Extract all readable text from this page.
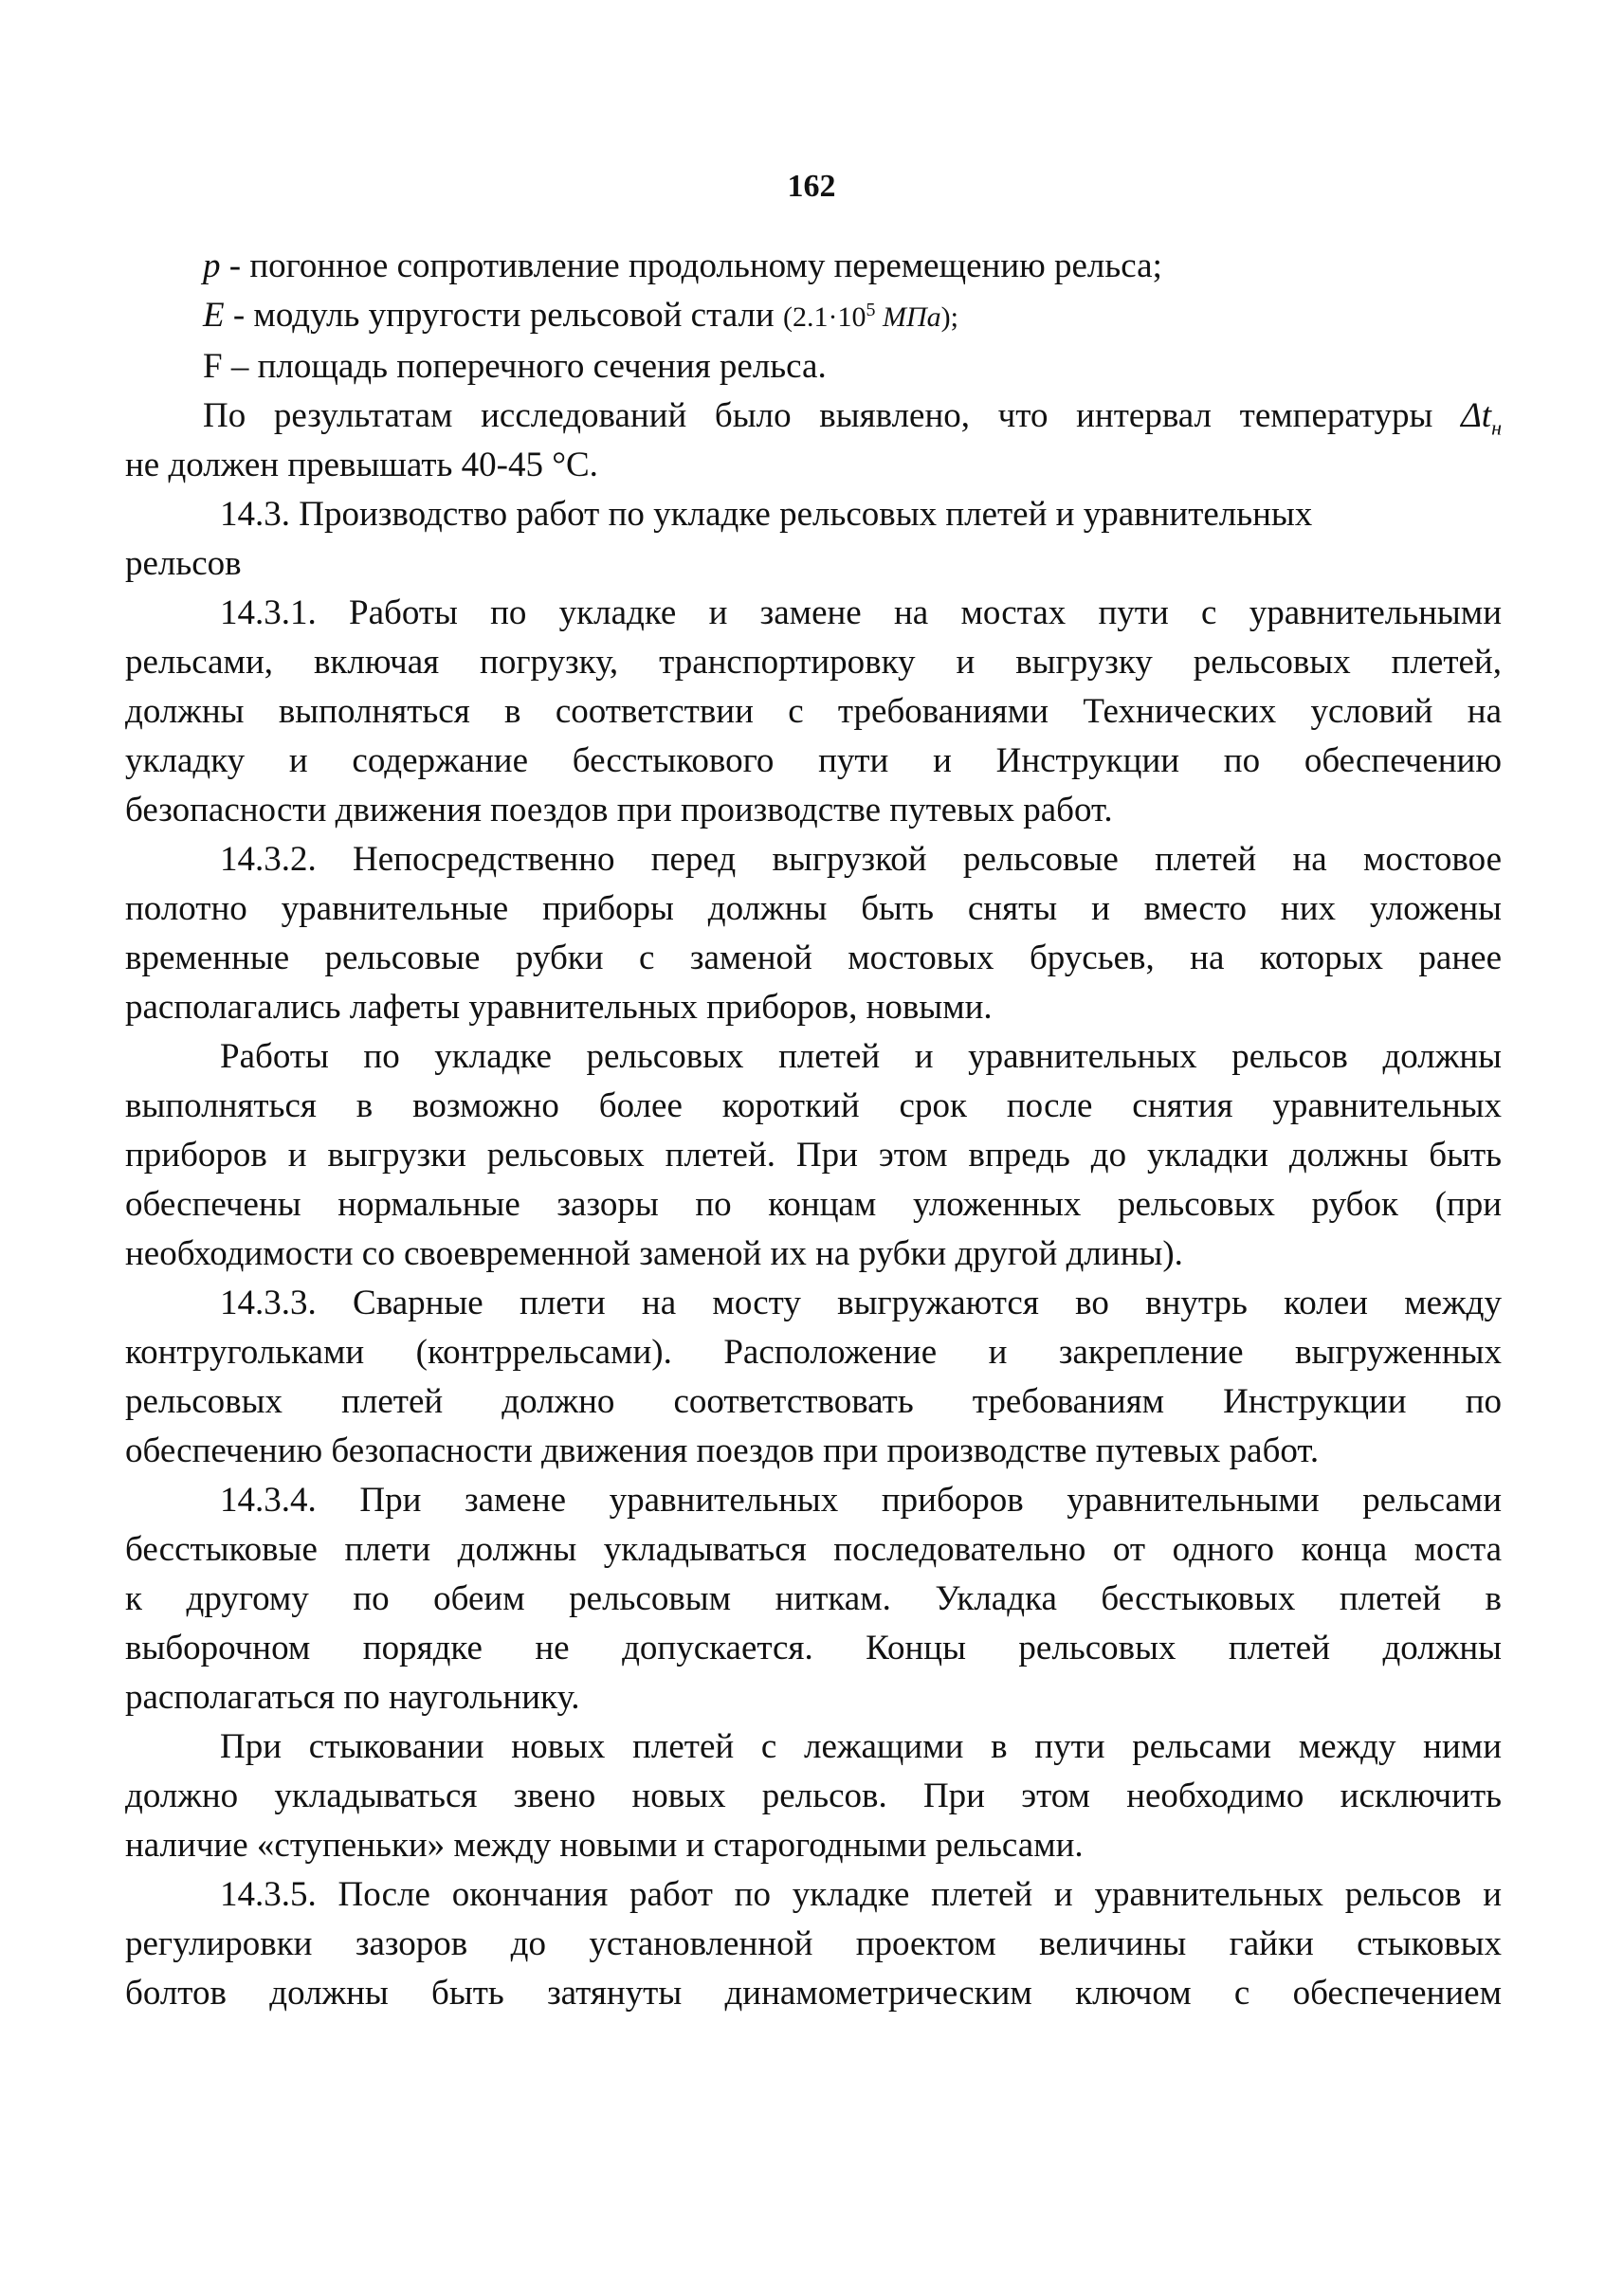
162
p - погонное сопротивление продольному перемещению рельса;
E - модуль упругости рельсовой стали ($2.1\cdot 10^5$ МПа);
F – площадь поперечного сечения рельса.
По результатам исследований было выявлено, что интервал температуры $\Delta t_н$
не должен превышать 40-45 °С.
14.3. Производство работ по укладке рельсовых плетей и уравнительных
рельсов
14.3.1. Работы по укладке и замене на мостах пути с уравнительными
рельсами, включая погрузку, транспортировку и выгрузку рельсовых плетей,
должны выполняться в соответствии с требованиями Технических условий на
укладку и содержание бесстыкового пути и Инструкции по обеспечению
безопасности движения поездов при производстве путевых работ.
14.3.2. Непосредственно перед выгрузкой рельсовые плетей на мостовое
полотно уравнительные приборы должны быть сняты и вместо них уложены
временные рельсовые рубки с заменой мостовых брусьев, на которых ранее
располагались лафеты уравнительных приборов, новыми.
Работы по укладке рельсовых плетей и уравнительных рельсов должны
выполняться в возможно более короткий срок после снятия уравнительных
приборов и выгрузки рельсовых плетей. При этом впредь до укладки должны быть
обеспечены нормальные зазоры по концам уложенных рельсовых рубок (при
необходимости со своевременной заменой их на рубки другой длины).
14.3.3. Сварные плети на мосту выгружаются во внутрь колеи между
контругольками (контррельсами). Расположение и закрепление выгруженных
рельсовых плетей должно соответствовать требованиям Инструкции по
обеспечению безопасности движения поездов при производстве путевых работ.
14.3.4. При замене уравнительных приборов уравнительными рельсами
бесстыковые плети должны укладываться последовательно от одного конца моста
к другому по обеим рельсовым ниткам. Укладка бесстыковых плетей в
выборочном порядке не допускается. Концы рельсовых плетей должны
располагаться по наугольнику.
При стыковании новых плетей с лежащими в пути рельсами между ними
должно укладываться звено новых рельсов. При этом необходимо исключить
наличие «ступеньки» между новыми и старогодными рельсами.
14.3.5. После окончания работ по укладке плетей и уравнительных рельсов и
регулировки зазоров до установленной проектом величины гайки стыковых
болтов должны быть затянуты динамометрическим ключом с обеспечением
